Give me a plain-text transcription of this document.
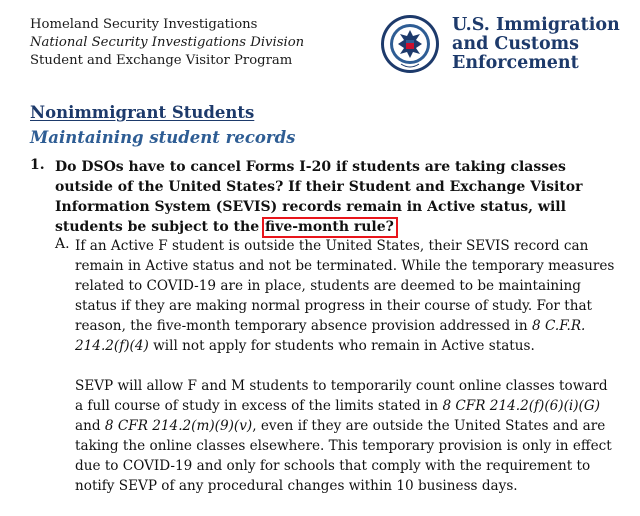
Homeland Security Investigations
National Security Investigations Division
Student and Exchange Visitor Program
U.S. Immigration
and Customs
Enforcement
Nonimmigrant Students
Maintaining student records
1. Do DSOs have to cancel Forms I-20 if students are taking classes outside of the United States? If their Student and Exchange Visitor Information System (SEVIS) records remain in Active status, will students be subject to the five-month rule?
A. If an Active F student is outside the United States, their SEVIS record can remain in Active status and not be terminated. While the temporary measures related to COVID-19 are in place, students are deemed to be maintaining status if they are making normal progress in their course of study. For that reason, the five-month temporary absence provision addressed in 8 C.F.R. 214.2(f)(4) will not apply for students who remain in Active status.

SEVP will allow F and M students to temporarily count online classes toward a full course of study in excess of the limits stated in 8 CFR 214.2(f)(6)(i)(G) and 8 CFR 214.2(m)(9)(v), even if they are outside the United States and are taking the online classes elsewhere. This temporary provision is only in effect due to COVID-19 and only for schools that comply with the requirement to notify SEVP of any procedural changes within 10 business days.
